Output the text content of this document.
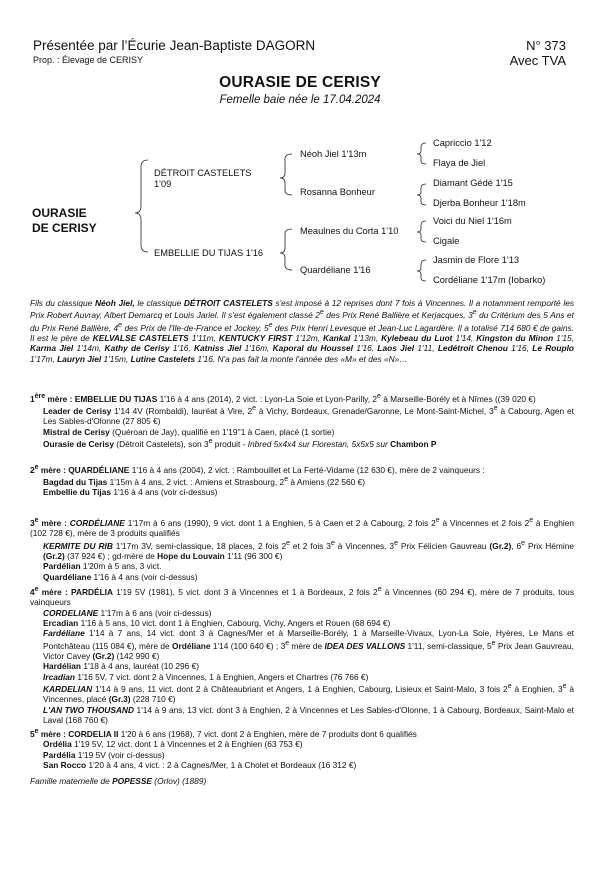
Présentée par l’Écurie Jean-Baptiste DAGORN
Prop. : Élevage de CERISY
N° 373
Avec TVA
OURASIE DE CERISY
Femelle baie née le 17.04.2024
OURASIE
DE CERISY
DÉTROIT CASTELETS
1'09
EMBELLIE DU TIJAS 1'16
Néoh Jiel 1'13m
Rosanna Bonheur
Meaulnes du Corta 1'10
Quardéliane 1'16
Capriccio 1'12
Flaya de Jiel
Diamant Gédé 1'15
Djerba Bonheur 1'18m
Voici du Niel 1'16m
Cigale
Jasmin de Flore 1'13
Cordéliane 1'17m (Iobarko)
Fils du classique Néoh Jiel, le classique DÉTROIT CASTELETS s'est imposé à 12 reprises dont 7 fois à Vincennes. Il a notamment remporté les Prix Robert Auvray, Albert Demarcq et Louis Jariel. Il s'est également classé 2e des Prix René Ballière et Kerjacques, 3e du Critérium des 5 Ans et du Prix René Ballière, 4e des Prix de l'Ile-de-France et Jockey, 5e des Prix Henri Levesque et Jean-Luc Lagardère. Il a totalisé 714 680 € de gains. Il est le père de KELVALSE CASTELETS 1'11m, KENTUCKY FIRST 1'12m, Kankal 1'13m, Kylebeau du Luot 1'14, Kingston du Minon 1'15, Karma Jiel 1'14m, Kathy de Cerisy 1'16, Katniss Jiel 1'16m, Kaporal du Houssel 1'16, Laos Jiel 1'11, Ledétroit Chenou 1'16, Le Rouplo 1'17m, Lauryn Jiel 1'15m, Lutine Castelets 1'16. N'a pas fait la monte l'année des «M» et des «N»…

1ère mère : EMBELLIE DU TIJAS 1'16 à 4 ans (2014), 2 vict. : Lyon-La Soie et Lyon-Parilly, 2e à Marseille-Borély et à Nîmes ((39 020 €)

Leader de Cerisy 1'14 4V (Rombaldi), lauréat à Vire, 2e à Vichy, Bordeaux, Grenade/Garonne, Le Mont-Saint-Michel, 3e à Cabourg, Agen et Les Sables-d'Olonne (27 805 €)

Mistral de Cerisy (Quéroan de Jay), qualifié en 1'19''1 à Caen, placé (1 sortie)

Ourasie de Cerisy (Détroit Castelets), son 3e produit - Inbred 5x4x4 sur Florestan, 5x5x5 sur Chambon P

2e mère : QUARDÉLIANE 1'16 à 4 ans (2004), 2 vict. : Rambouillet et La Ferté-Vidame (12 630 €), mère de 2 vainqueurs :

Bagdad du Tijas 1'15m à 4 ans, 2 vict. : Amiens et Strasbourg, 2e à Amiens (22 560 €)

Embellie du Tijas 1'16 à 4 ans (voir ci-dessus)

3e mère : CORDÉLIANE 1'17m à 6 ans (1990), 9 vict. dont 1 à Enghien, 5 à Caen et 2 à Cabourg, 2 fois 2e à Vincennes et 2 fois 2e à Enghien (102 728 €), mère de 3 produits qualifiés

KERMITE DU RIB 1'17m 3V, semi-classique, 18 places, 2 fois 2e et 2 fois 3e à Vincennes, 3e Prix Félicien Gauvreau (Gr.2), 6e Prix Hémine (Gr.2) (37 924 €) ; gd-mère de Hope du Louvain 1'11 (96 300 €)

Pardélian 1'20m à 5 ans, 3 vict.

Quardéliane 1'16 à 4 ans (voir ci-dessus)

4e mère : PARDÉLIA 1'19 5V (1981), 5 vict. dont 3 à Vincennes et 1 à Bordeaux, 2 fois 2e à Vincennes (60 294 €), mère de 7 produits, tous vainqueurs

CORDELIANE 1'17m à 6 ans (voir ci-dessus)

Ercadian 1'16 à 5 ans, 10 vict. dont 1 à Enghien, Cabourg, Vichy, Angers et Rouen (68 694 €)

Fardéliane 1'14 à 7 ans, 14 vict. dont 3 à Cagnes/Mer et à Marseille-Borély, 1 à Marseille-Vivaux, Lyon-La Soie, Hyères, Le Mans et Pontchâteau (115 084 €), mère de Ordéliane 1'14 (100 640 €) ; 3e mère de IDEA DES VALLONS 1'11, semi-classique, 5e Prix Jean Gauvreau, Victor Cavey (Gr.2) (142 990 €)

Hardélian 1'18 à 4 ans, lauréat (10 296 €)

Ircadian 1'16 5V, 7 vict. dont 2 à Vincennes, 1 à Enghien, Angers et Chartres (76 766 €)

KARDELIAN 1'14 à 9 ans, 11 vict. dont 2 à Châteaubriant et Angers, 1 à Enghien, Cabourg, Lisieux et Saint-Malo, 3 fois 2e à Enghien, 3e à Vincennes, placé (Gr.3) (228 710 €)

L'AN TWO THOUSAND 1'14 à 9 ans, 13 vict. dont 3 à Enghien, 2 à Vincennes et Les Sables-d'Olonne, 1 à Cabourg, Bordeaux, Saint-Malo et Laval (168 760 €)

5e mère : CORDELIA II 1'20 à 6 ans (1968), 7 vict. dont 2 à Enghien, mère de 7 produits dont 6 qualifiés

Ordélia 1'19 5V, 12 vict. dont 1 à Vincennes et 2 à Enghien (63 753 €)

Pardélia 1'19 5V (voir ci-dessus)

San Rocco 1'20 à 4 ans, 4 vict. : 2 à Cagnes/Mer, 1 à Cholet et Bordeaux (16 312 €)

Famille maternelle de POPESSE (Orlov) (1889)
